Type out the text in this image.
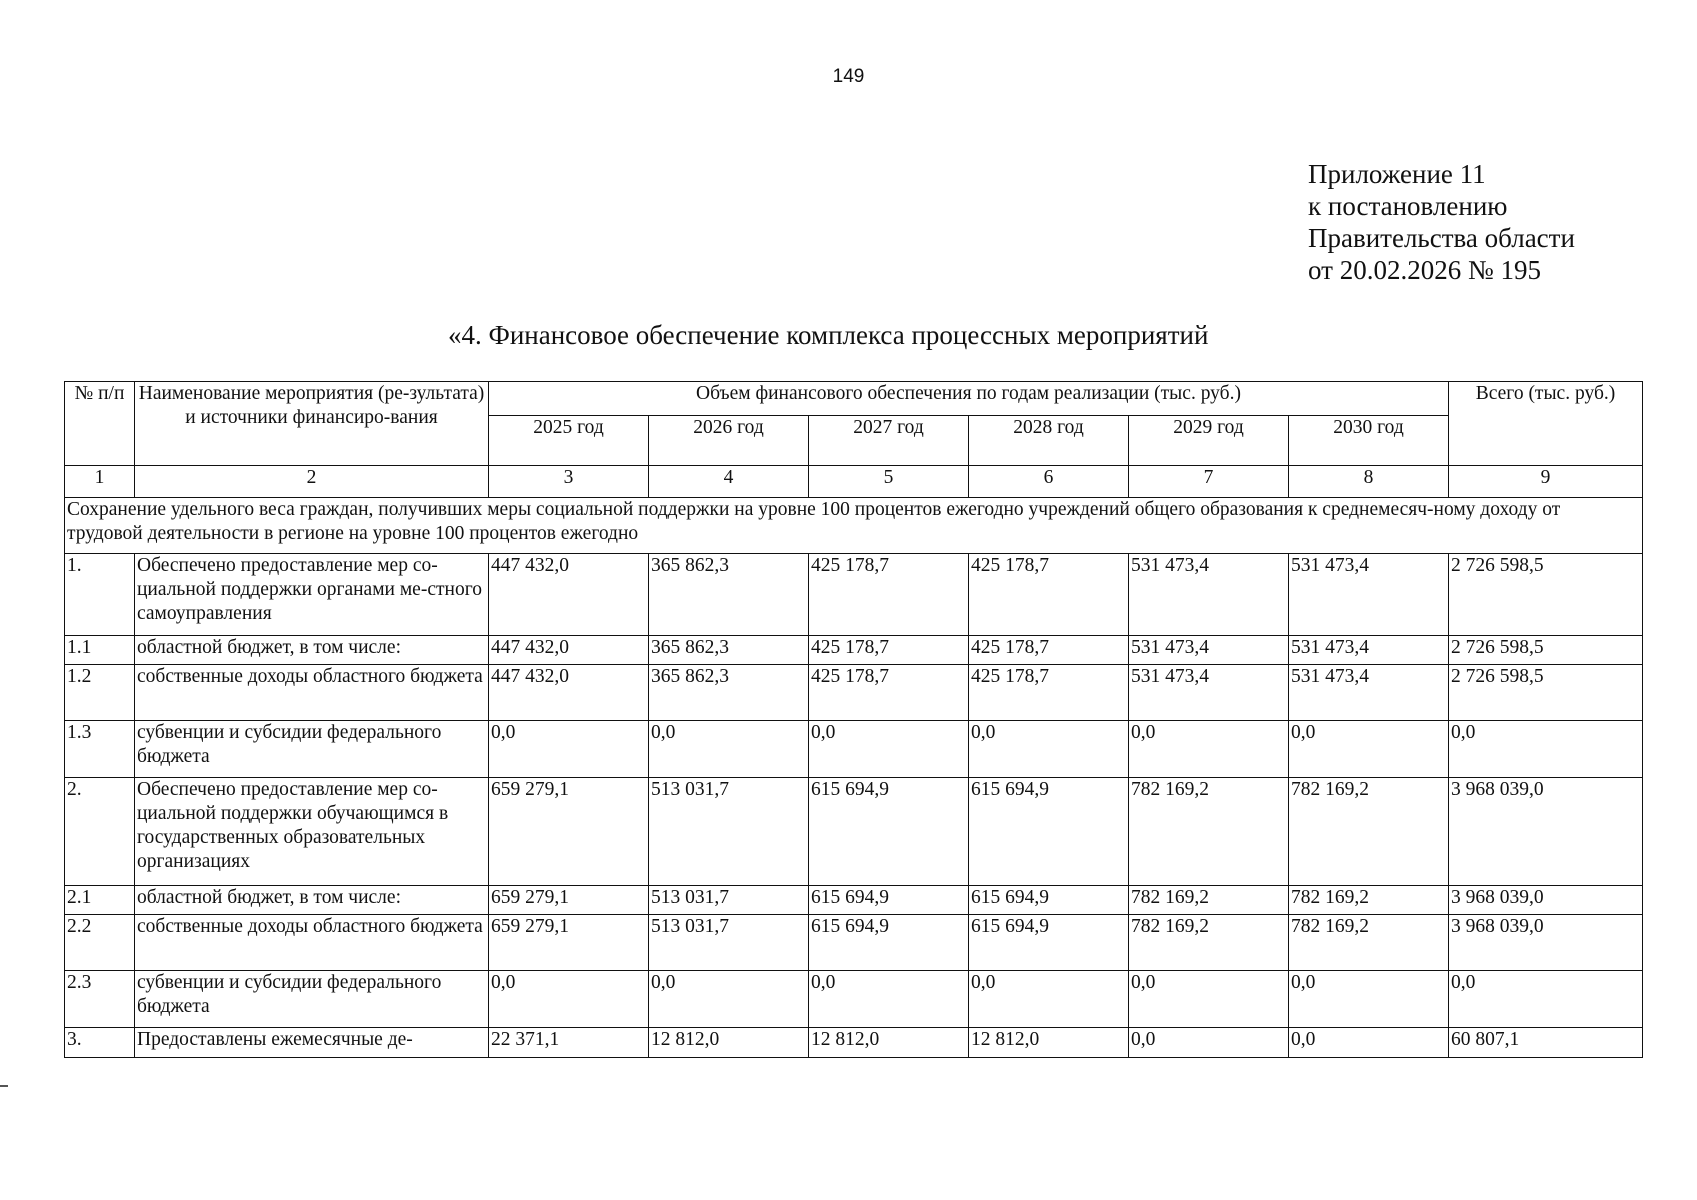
149
Приложение 11
к постановлению
Правительства области
от 20.02.2026 № 195
«4. Финансовое обеспечение комплекса процессных мероприятий
№ п/п	Наименование мероприятия (ре-зультата) и источники финансиро-вания	Объем финансового обеспечения по годам реализации (тыс. руб.)						Всего (тыс. руб.)
		2025 год	2026 год	2027 год	2028 год	2029 год	2030 год	
1	2	3	4	5	6	7	8	9
Сохранение удельного веса граждан, получивших меры социальной поддержки на уровне 100 процентов ежегодно учреждений общего образования к среднемесяч-ному доходу от трудовой деятельности в регионе на уровне 100 процентов ежегодно								
1.	Обеспечено предоставление мер со-циальной поддержки органами ме-стного самоуправления	447 432,0	365 862,3	425 178,7	425 178,7	531 473,4	531 473,4	2 726 598,5
1.1	областной бюджет, в том числе:	447 432,0	365 862,3	425 178,7	425 178,7	531 473,4	531 473,4	2 726 598,5
1.2	собственные доходы областного бюджета	447 432,0	365 862,3	425 178,7	425 178,7	531 473,4	531 473,4	2 726 598,5
1.3	субвенции и субсидии федерального бюджета	0,0	0,0	0,0	0,0	0,0	0,0	0,0
2.	Обеспечено предоставление мер со-циальной поддержки обучающимся в государственных образовательных организациях	659 279,1	513 031,7	615 694,9	615 694,9	782 169,2	782 169,2	3 968 039,0
2.1	областной бюджет, в том числе:	659 279,1	513 031,7	615 694,9	615 694,9	782 169,2	782 169,2	3 968 039,0
2.2	собственные доходы областного бюджета	659 279,1	513 031,7	615 694,9	615 694,9	782 169,2	782 169,2	3 968 039,0
2.3	субвенции и субсидии федерального бюджета	0,0	0,0	0,0	0,0	0,0	0,0	0,0
3.	Предоставлены ежемесячные де-	22 371,1	12 812,0	12 812,0	12 812,0	0,0	0,0	60 807,1
